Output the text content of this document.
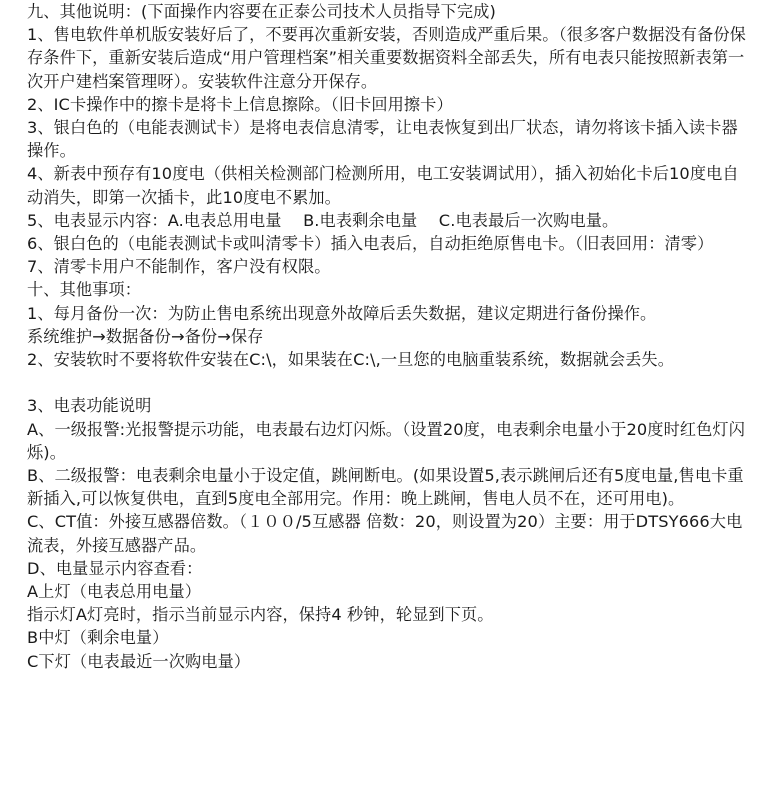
九、其他说明：(下面操作内容要在正泰公司技术人员指导下完成)

1、售电软件单机版安装好后了，不要再次重新安装，否则造成严重后果。（很多客户数据没有备份保存条件下，重新安装后造成“用户管理档案”相关重要数据资料全部丢失，所有电表只能按照新表第一次开户建档案管理呀）。安装软件注意分开保存。

2、IC卡操作中的擦卡是将卡上信息擦除。（旧卡回用擦卡）

3、银白色的（电能表测试卡）是将电表信息清零，让电表恢复到出厂状态，请勿将该卡插入读卡器操作。

4、新表中预存有10度电（供相关检测部门检测所用，电工安装调试用），插入初始化卡后10度电自动消失，即第一次插卡，此10度电不累加。

5、电表显示内容：A.电表总用电量　 B.电表剩余电量　 C.电表最后一次购电量。

6、银白色的（电能表测试卡或叫清零卡）插入电表后，自动拒绝原售电卡。（旧表回用：清零）

7、清零卡用户不能制作，客户没有权限。

十、其他事项：

1、每月备份一次：为防止售电系统出现意外故障后丢失数据，建议定期进行备份操作。

系统维护→数据备份→备份→保存

2、安装软时不要将软件安装在C:\，如果装在C:\,一旦您的电脑重装系统，数据就会丢失。

3、电表功能说明

A、一级报警:光报警提示功能，电表最右边灯闪烁。（设置20度，电表剩余电量小于20度时红色灯闪烁)。

B、二级报警：电表剩余电量小于设定值，跳闸断电。(如果设置5,表示跳闸后还有5度电量,售电卡重新插入,可以恢复供电，直到5度电全部用完。作用：晚上跳闸，售电人员不在，还可用电)。

C、CT值：外接互感器倍数。（１００/5互感器 倍数：20，则设置为20）主要：用于DTSY666大电流表，外接互感器产品。

D、电量显示内容查看：

A上灯（电表总用电量）

指示灯A灯亮时，指示当前显示内容，保持4 秒钟，轮显到下页。

B中灯（剩余电量）

C下灯（电表最近一次购电量）
